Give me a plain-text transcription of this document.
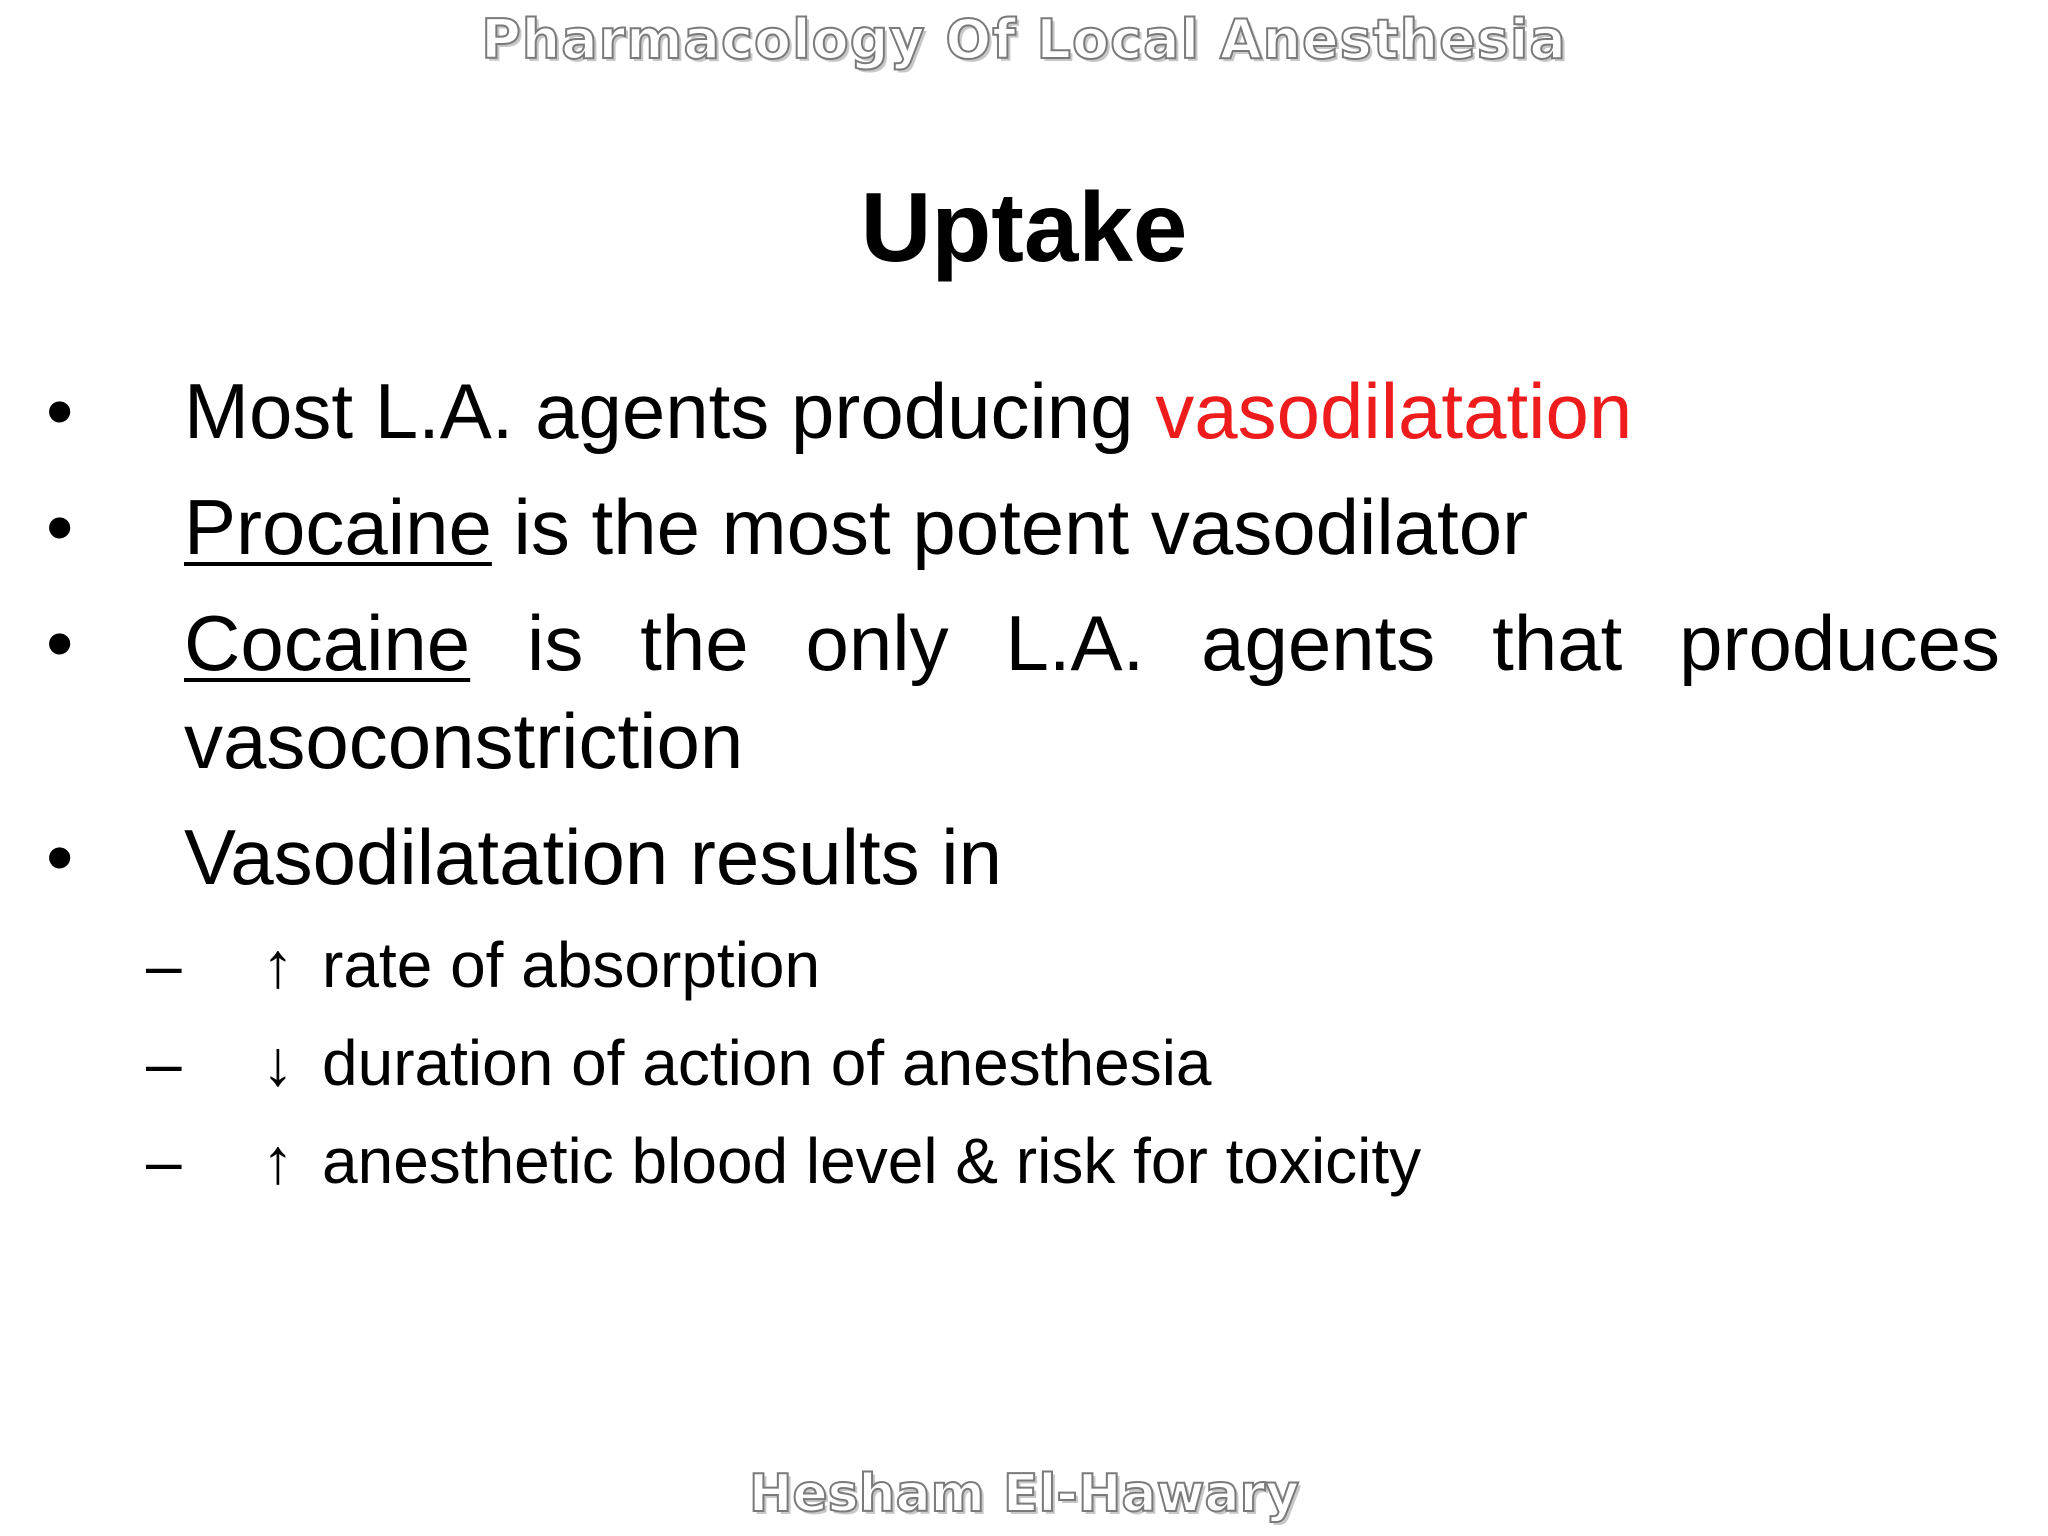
Pharmacology Of Local Anesthesia
Uptake
• Most L.A. agents producing vasodilatation
• Procaine is the most potent vasodilator
• Cocaine is the only L.A. agents that produces vasoconstriction
• Vasodilatation results in
– ↑ rate of absorption
– ↓ duration of action of anesthesia
– ↑ anesthetic blood level & risk for toxicity
Hesham El-Hawary
